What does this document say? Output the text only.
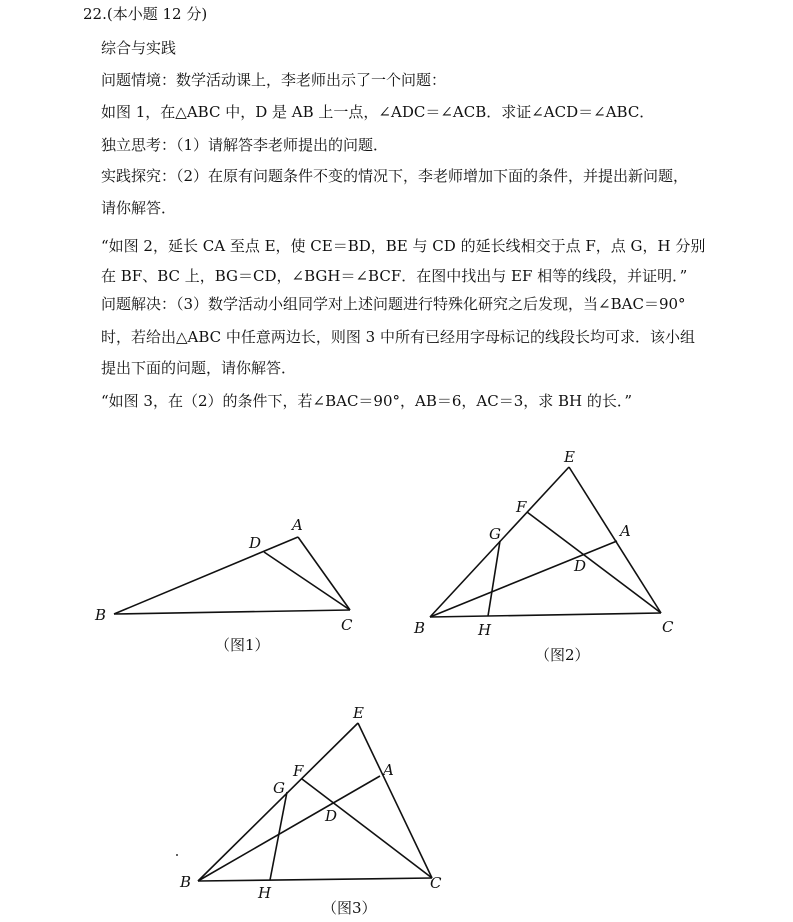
22.(本小题 12 分)
综合与实践
问题情境：数学活动课上，李老师出示了一个问题：
如图 1，在△ABC 中，D 是 AB 上一点，∠ADC＝∠ACB．求证∠ACD＝∠ABC．
独立思考：（1）请解答李老师提出的问题．
实践探究：（2）在原有问题条件不变的情况下，李老师增加下面的条件，并提出新问题，
请你解答．
“如图 2，延长 CA 至点 E，使 CE＝BD，BE 与 CD 的延长线相交于点 F，点 G，H 分别
在 BF、BC 上，BG＝CD，∠BGH＝∠BCF．在图中找出与 EF 相等的线段，并证明．”
问题解决：（3）数学活动小组同学对上述问题进行特殊化研究之后发现，当∠BAC＝90°
时，若给出△ABC 中任意两边长，则图 3 中所有已经用字母标记的线段长均可求．该小组
提出下面的问题，请你解答．
“如图 3，在（2）的条件下，若∠BAC＝90°，AB＝6，AC＝3，求 BH 的长．”
B
A
D
C
（图1）
E
F
G	A
D
B	H	C
（图2）
E
F
G
A
D
B
H
C
（图3）
